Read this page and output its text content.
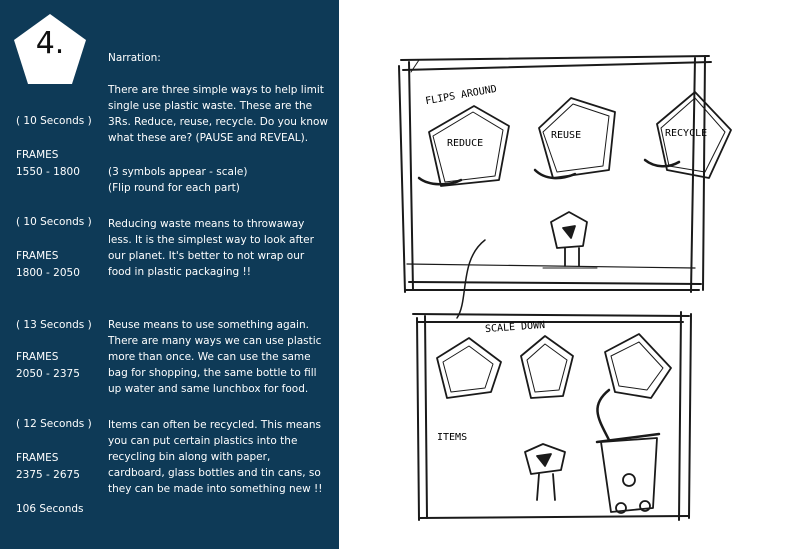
4.	Narration:
( 10 Seconds )
FRAMES
1550 - 1800
( 10 Seconds )
FRAMES
1800 - 2050
( 13 Seconds )
FRAMES
2050 - 2375
( 12 Seconds )
FRAMES
2375 - 2675
106 Seconds
There are three simple ways to help limit single use plastic waste. These are the 3Rs. Reduce, reuse, recycle. Do you know what these are? (PAUSE and REVEAL).
(3 symbols appear - scale)
(Flip round for each part)
Reducing waste means to throwaway less. It is the simplest way to look after our planet. It's better to not wrap our food in plastic packaging !!
Reuse means to use something again. There are many ways we can use plastic more than once. We can use the same bag for shopping, the same bottle to fill up water and same lunchbox for food.
Items can often be recycled. This means you can put certain plastics into the recycling bin along with paper, cardboard, glass bottles and tin cans, so they can be made into something new !!
FLIPS AROUND
REDUCE
REUSE	RECYCLE
SCALE DOWN
ITEMS
